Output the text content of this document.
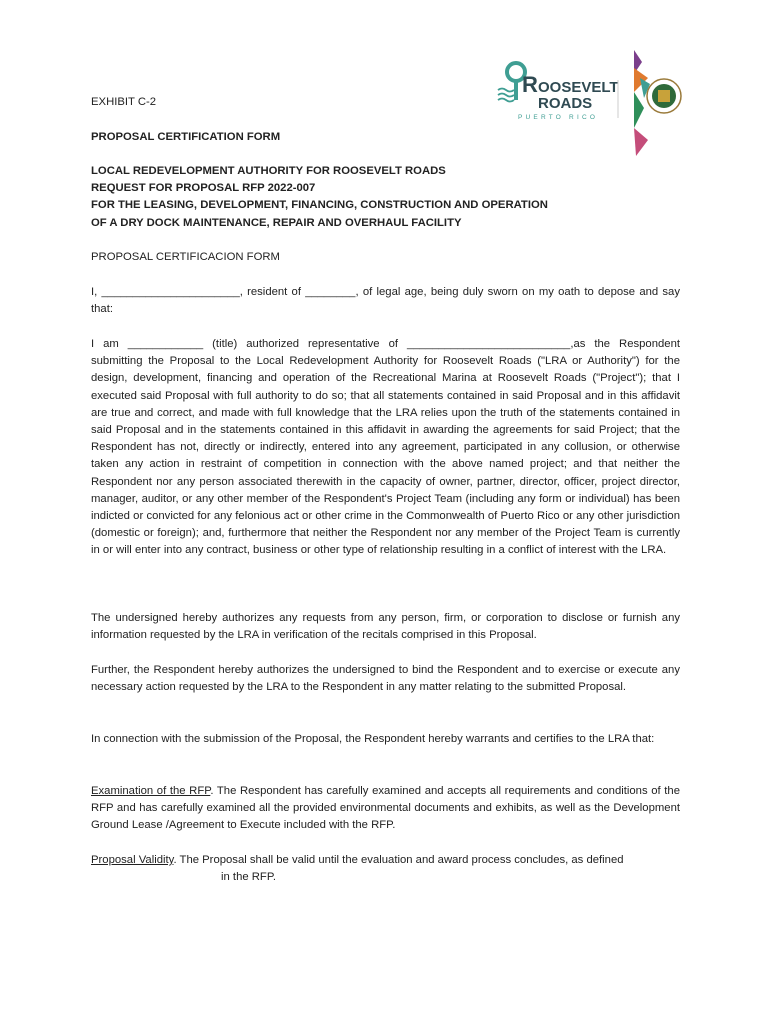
R OOSEVELT
ROADS
PUERTO RICO
EXHIBIT C-2
PROPOSAL CERTIFICATION FORM
LOCAL REDEVELOPMENT AUTHORITY FOR ROOSEVELT ROADS
REQUEST FOR PROPOSAL RFP 2022-007
FOR THE LEASING, DEVELOPMENT, FINANCING, CONSTRUCTION AND OPERATION
OF A DRY DOCK MAINTENANCE, REPAIR AND OVERHAUL FACILITY
PROPOSAL CERTIFICACION FORM
I, ______________________, resident of ________, of legal age, being duly sworn on my oath to depose and say that:
I am ____________ (title) authorized representative of __________________________,as the Respondent submitting the Proposal to the Local Redevelopment Authority for Roosevelt Roads ("LRA or Authority") for the design, development, financing and operation of the Recreational Marina at Roosevelt Roads ("Project"); that I executed said Proposal with full authority to do so; that all statements contained in said Proposal and in this affidavit are true and correct, and made with full knowledge that the LRA relies upon the truth of the statements contained in said Proposal and in the statements contained in this affidavit in awarding the agreements for said Project; that the Respondent has not, directly or indirectly, entered into any agreement, participated in any collusion, or otherwise taken any action in restraint of competition in connection with the above named project; and that neither the Respondent nor any person associated therewith in the capacity of owner, partner, director, officer, project director, manager, auditor, or any other member of the Respondent's Project Team (including any form or individual) has been indicted or convicted for any felonious act or other crime in the Commonwealth of Puerto Rico or any other jurisdiction (domestic or foreign); and, furthermore that neither the Respondent nor any member of the Project Team is currently in or will enter into any contract, business or other type of relationship resulting in a conflict of interest with the LRA.
The undersigned hereby authorizes any requests from any person, firm, or corporation to disclose or furnish any information requested by the LRA in verification of the recitals comprised in this Proposal.
Further, the Respondent hereby authorizes the undersigned to bind the Respondent and to exercise or execute any necessary action requested by the LRA to the Respondent in any matter relating to the submitted Proposal.
In connection with the submission of the Proposal, the Respondent hereby warrants and certifies to the LRA that:
Examination of the RFP. The Respondent has carefully examined and accepts all requirements and conditions of the RFP and has carefully examined all the provided environmental documents and exhibits, as well as the Development Ground Lease /Agreement to Execute included with the RFP.
Proposal Validity. The Proposal shall be valid until the evaluation and award process concludes, as defined
in the RFP.
